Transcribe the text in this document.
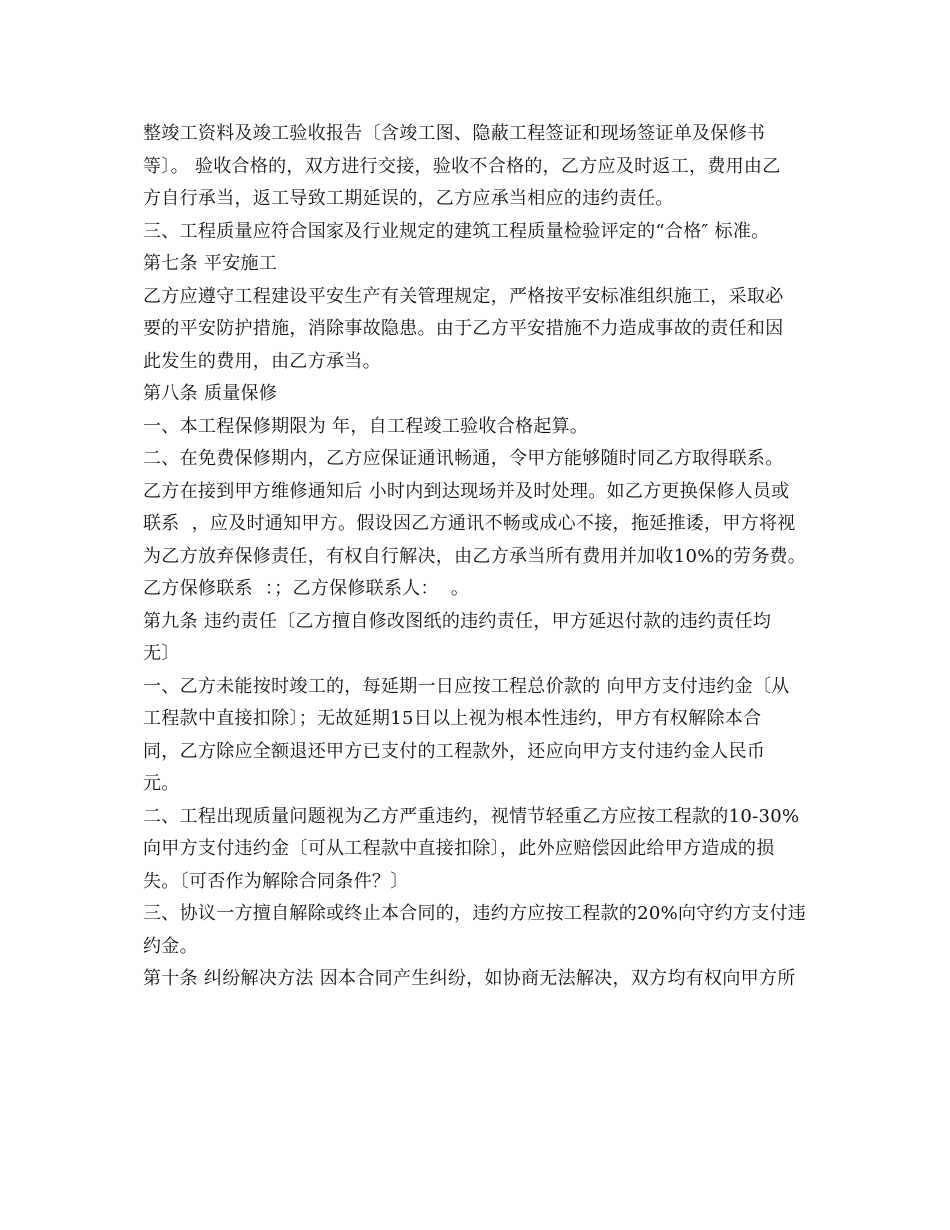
整竣工资料及竣工验收报告〔含竣工图、隐蔽工程签证和现场签证单及保修书
等〕。 验收合格的，双方进行交接，验收不合格的，乙方应及时返工，费用由乙
方自行承当，返工导致工期延误的，乙方应承当相应的违约责任。
三、工程质量应符合国家及行业规定的建筑工程质量检验评定的“合格″ 标准。
第七条 平安施工
乙方应遵守工程建设平安生产有关管理规定，严格按平安标准组织施工，采取必
要的平安防护措施，消除事故隐患。由于乙方平安措施不力造成事故的责任和因
此发生的费用，由乙方承当。
第八条 质量保修
一、本工程保修期限为 年，自工程竣工验收合格起算。
二、在免费保修期内，乙方应保证通讯畅通，令甲方能够随时同乙方取得联系。
乙方在接到甲方维修通知后 小时内到达现场并及时处理。如乙方更换保修人员或
联系  ，应及时通知甲方。假设因乙方通讯不畅或成心不接，拖延推诿，甲方将视
为乙方放弃保修责任，有权自行解决，由乙方承当所有费用并加收10%的劳务费。
乙方保修联系  ：；乙方保修联系人：  。
第九条 违约责任〔乙方擅自修改图纸的违约责任，甲方延迟付款的违约责任均
无〕
一、乙方未能按时竣工的，每延期一日应按工程总价款的 向甲方支付违约金〔从
工程款中直接扣除〕；无故延期15日以上视为根本性违约，甲方有权解除本合
同，乙方除应全额退还甲方已支付的工程款外，还应向甲方支付违约金人民币
元。
二、工程出现质量问题视为乙方严重违约，视情节轻重乙方应按工程款的10-30%
向甲方支付违约金〔可从工程款中直接扣除〕，此外应赔偿因此给甲方造成的损
失。〔可否作为解除合同条件？〕
三、协议一方擅自解除或终止本合同的，违约方应按工程款的20%向守约方支付违
约金。
第十条 纠纷解决方法 因本合同产生纠纷，如协商无法解决，双方均有权向甲方所
